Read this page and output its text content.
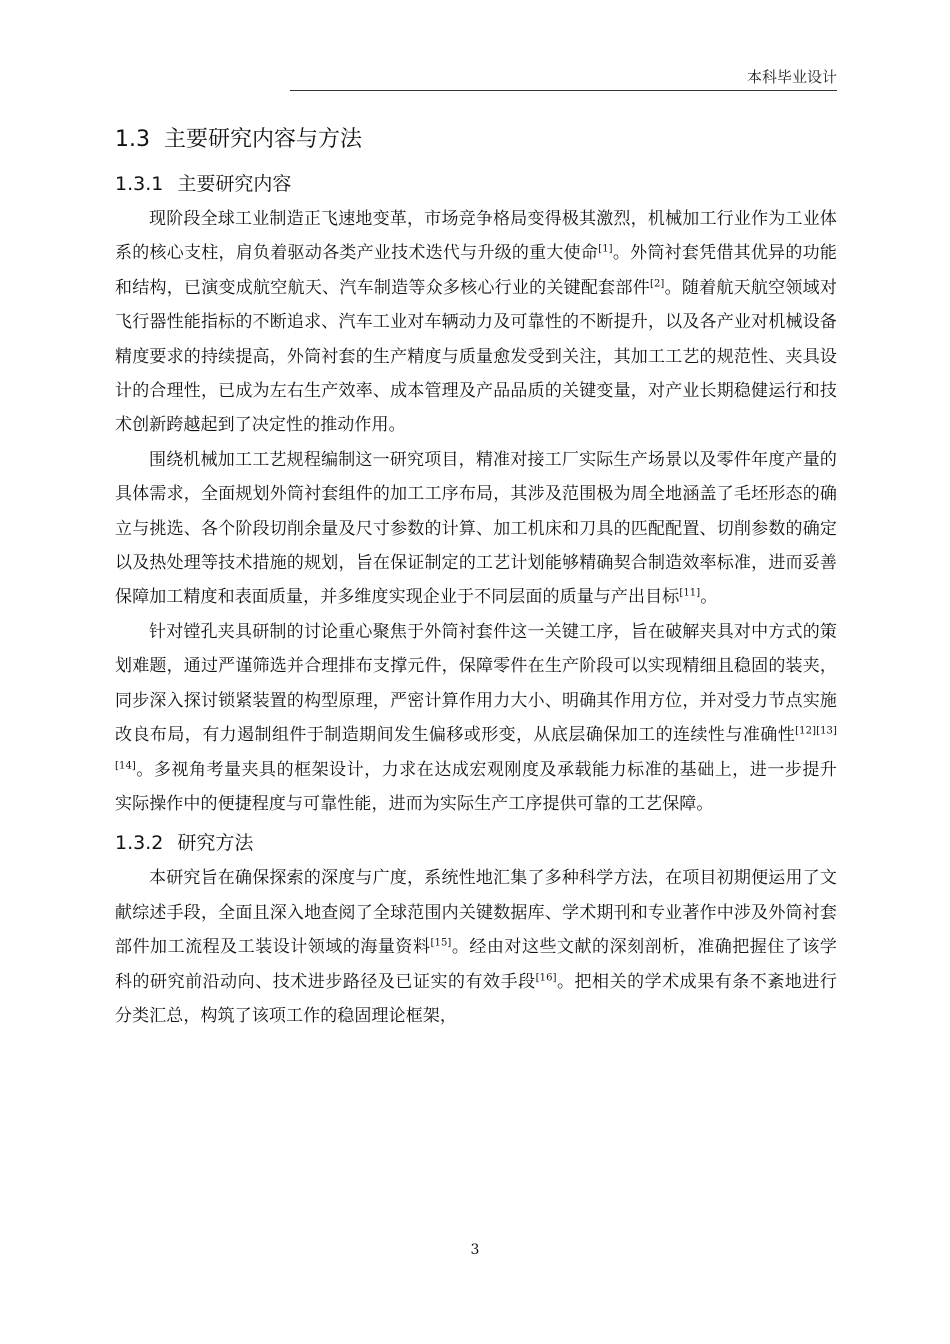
本科毕业设计
1.3 主要研究内容与方法
1.3.1 主要研究内容

现阶段全球工业制造正飞速地变革，市场竞争格局变得极其激烈，机械加工行业作为工业体系的核心支柱，肩负着驱动各类产业技术迭代与升级的重大使命[1]。外筒衬套凭借其优异的功能和结构，已演变成航空航天、汽车制造等众多核心行业的关键配套部件[2]。随着航天航空领域对飞行器性能指标的不断追求、汽车工业对车辆动力及可靠性的不断提升，以及各产业对机械设备精度要求的持续提高，外筒衬套的生产精度与质量愈发受到关注，其加工工艺的规范性、夹具设计的合理性，已成为左右生产效率、成本管理及产品品质的关键变量，对产业长期稳健运行和技术创新跨越起到了决定性的推动作用。

围绕机械加工工艺规程编制这一研究项目，精准对接工厂实际生产场景以及零件年度产量的具体需求，全面规划外筒衬套组件的加工工序布局，其涉及范围极为周全地涵盖了毛坯形态的确立与挑选、各个阶段切削余量及尺寸参数的计算、加工机床和刀具的匹配配置、切削参数的确定以及热处理等技术措施的规划，旨在保证制定的工艺计划能够精确契合制造效率标准，进而妥善保障加工精度和表面质量，并多维度实现企业于不同层面的质量与产出目标[11]。

针对镗孔夹具研制的讨论重心聚焦于外筒衬套件这一关键工序，旨在破解夹具对中方式的策划难题，通过严谨筛选并合理排布支撑元件，保障零件在生产阶段可以实现精细且稳固的装夹，同步深入探讨锁紧装置的构型原理，严密计算作用力大小、明确其作用方位，并对受力节点实施改良布局，有力遏制组件于制造期间发生偏移或形变，从底层确保加工的连续性与准确性[12][13][14]。多视角考量夹具的框架设计，力求在达成宏观刚度及承载能力标准的基础上，进一步提升实际操作中的便捷程度与可靠性能，进而为实际生产工序提供可靠的工艺保障。

1.3.2 研究方法

本研究旨在确保探索的深度与广度，系统性地汇集了多种科学方法，在项目初期便运用了文献综述手段，全面且深入地查阅了全球范围内关键数据库、学术期刊和专业著作中涉及外筒衬套部件加工流程及工装设计领域的海量资料[15]。经由对这些文献的深刻剖析，准确把握住了该学科的研究前沿动向、技术进步路径及已证实的有效手段[16]。把相关的学术成果有条不紊地进行分类汇总，构筑了该项工作的稳固理论框架，

3
